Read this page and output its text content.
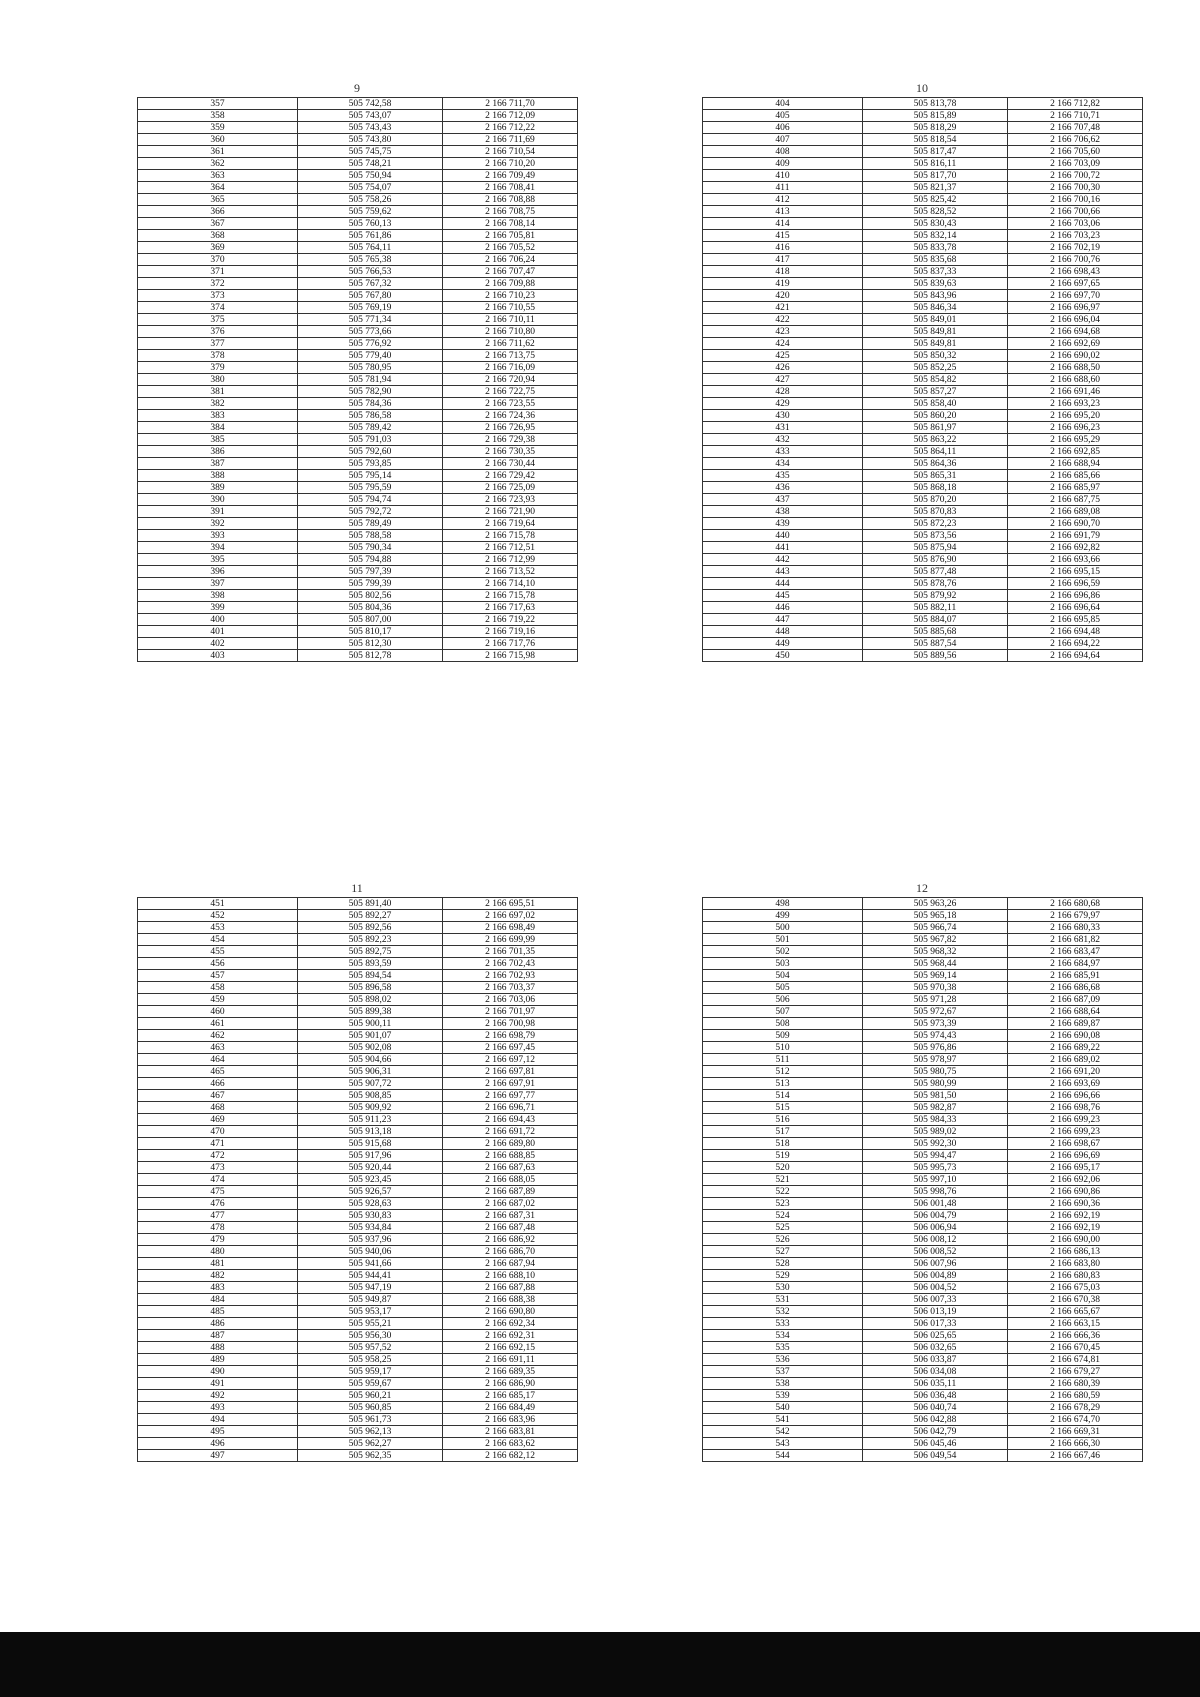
9
357	505 742,58	2 166 711,70
358	505 743,07	2 166 712,09
359	505 743,43	2 166 712,22
360	505 743,80	2 166 711,69
361	505 745,75	2 166 710,54
362	505 748,21	2 166 710,20
363	505 750,94	2 166 709,49
364	505 754,07	2 166 708,41
365	505 758,26	2 166 708,88
366	505 759,62	2 166 708,75
367	505 760,13	2 166 708,14
368	505 761,86	2 166 705,81
369	505 764,11	2 166 705,52
370	505 765,38	2 166 706,24
371	505 766,53	2 166 707,47
372	505 767,32	2 166 709,88
373	505 767,80	2 166 710,23
374	505 769,19	2 166 710,55
375	505 771,34	2 166 710,11
376	505 773,66	2 166 710,80
377	505 776,92	2 166 711,62
378	505 779,40	2 166 713,75
379	505 780,95	2 166 716,09
380	505 781,94	2 166 720,94
381	505 782,90	2 166 722,75
382	505 784,36	2 166 723,55
383	505 786,58	2 166 724,36
384	505 789,42	2 166 726,95
385	505 791,03	2 166 729,38
386	505 792,60	2 166 730,35
387	505 793,85	2 166 730,44
388	505 795,14	2 166 729,42
389	505 795,59	2 166 725,09
390	505 794,74	2 166 723,93
391	505 792,72	2 166 721,90
392	505 789,49	2 166 719,64
393	505 788,58	2 166 715,78
394	505 790,34	2 166 712,51
395	505 794,88	2 166 712,99
396	505 797,39	2 166 713,52
397	505 799,39	2 166 714,10
398	505 802,56	2 166 715,78
399	505 804,36	2 166 717,63
400	505 807,00	2 166 719,22
401	505 810,17	2 166 719,16
402	505 812,30	2 166 717,76
403	505 812,78	2 166 715,98
10
404	505 813,78	2 166 712,82
405	505 815,89	2 166 710,71
406	505 818,29	2 166 707,48
407	505 818,54	2 166 706,62
408	505 817,47	2 166 705,60
409	505 816,11	2 166 703,09
410	505 817,70	2 166 700,72
411	505 821,37	2 166 700,30
412	505 825,42	2 166 700,16
413	505 828,52	2 166 700,66
414	505 830,43	2 166 703,06
415	505 832,14	2 166 703,23
416	505 833,78	2 166 702,19
417	505 835,68	2 166 700,76
418	505 837,33	2 166 698,43
419	505 839,63	2 166 697,65
420	505 843,96	2 166 697,70
421	505 846,34	2 166 696,97
422	505 849,01	2 166 696,04
423	505 849,81	2 166 694,68
424	505 849,81	2 166 692,69
425	505 850,32	2 166 690,02
426	505 852,25	2 166 688,50
427	505 854,82	2 166 688,60
428	505 857,27	2 166 691,46
429	505 858,40	2 166 693,23
430	505 860,20	2 166 695,20
431	505 861,97	2 166 696,23
432	505 863,22	2 166 695,29
433	505 864,11	2 166 692,85
434	505 864,36	2 166 688,94
435	505 865,31	2 166 685,66
436	505 868,18	2 166 685,97
437	505 870,20	2 166 687,75
438	505 870,83	2 166 689,08
439	505 872,23	2 166 690,70
440	505 873,56	2 166 691,79
441	505 875,94	2 166 692,82
442	505 876,90	2 166 693,66
443	505 877,48	2 166 695,15
444	505 878,76	2 166 696,59
445	505 879,92	2 166 696,86
446	505 882,11	2 166 696,64
447	505 884,07	2 166 695,85
448	505 885,68	2 166 694,48
449	505 887,54	2 166 694,22
450	505 889,56	2 166 694,64
11
451	505 891,40	2 166 695,51
452	505 892,27	2 166 697,02
453	505 892,56	2 166 698,49
454	505 892,23	2 166 699,99
455	505 892,75	2 166 701,35
456	505 893,59	2 166 702,43
457	505 894,54	2 166 702,93
458	505 896,58	2 166 703,37
459	505 898,02	2 166 703,06
460	505 899,38	2 166 701,97
461	505 900,11	2 166 700,98
462	505 901,07	2 166 698,79
463	505 902,08	2 166 697,45
464	505 904,66	2 166 697,12
465	505 906,31	2 166 697,81
466	505 907,72	2 166 697,91
467	505 908,85	2 166 697,77
468	505 909,92	2 166 696,71
469	505 911,23	2 166 694,43
470	505 913,18	2 166 691,72
471	505 915,68	2 166 689,80
472	505 917,96	2 166 688,85
473	505 920,44	2 166 687,63
474	505 923,45	2 166 688,05
475	505 926,57	2 166 687,89
476	505 928,63	2 166 687,02
477	505 930,83	2 166 687,31
478	505 934,84	2 166 687,48
479	505 937,96	2 166 686,92
480	505 940,06	2 166 686,70
481	505 941,66	2 166 687,94
482	505 944,41	2 166 688,10
483	505 947,19	2 166 687,88
484	505 949,87	2 166 688,38
485	505 953,17	2 166 690,80
486	505 955,21	2 166 692,34
487	505 956,30	2 166 692,31
488	505 957,52	2 166 692,15
489	505 958,25	2 166 691,11
490	505 959,17	2 166 689,35
491	505 959,67	2 166 686,90
492	505 960,21	2 166 685,17
493	505 960,85	2 166 684,49
494	505 961,73	2 166 683,96
495	505 962,13	2 166 683,81
496	505 962,27	2 166 683,62
497	505 962,35	2 166 682,12
12
498	505 963,26	2 166 680,68
499	505 965,18	2 166 679,97
500	505 966,74	2 166 680,33
501	505 967,82	2 166 681,82
502	505 968,32	2 166 683,47
503	505 968,44	2 166 684,97
504	505 969,14	2 166 685,91
505	505 970,38	2 166 686,68
506	505 971,28	2 166 687,09
507	505 972,67	2 166 688,64
508	505 973,39	2 166 689,87
509	505 974,43	2 166 690,08
510	505 976,86	2 166 689,22
511	505 978,97	2 166 689,02
512	505 980,75	2 166 691,20
513	505 980,99	2 166 693,69
514	505 981,50	2 166 696,66
515	505 982,87	2 166 698,76
516	505 984,33	2 166 699,23
517	505 989,02	2 166 699,23
518	505 992,30	2 166 698,67
519	505 994,47	2 166 696,69
520	505 995,73	2 166 695,17
521	505 997,10	2 166 692,06
522	505 998,76	2 166 690,86
523	506 001,48	2 166 690,36
524	506 004,79	2 166 692,19
525	506 006,94	2 166 692,19
526	506 008,12	2 166 690,00
527	506 008,52	2 166 686,13
528	506 007,96	2 166 683,80
529	506 004,89	2 166 680,83
530	506 004,52	2 166 675,03
531	506 007,33	2 166 670,38
532	506 013,19	2 166 665,67
533	506 017,33	2 166 663,15
534	506 025,65	2 166 666,36
535	506 032,65	2 166 670,45
536	506 033,87	2 166 674,81
537	506 034,08	2 166 679,27
538	506 035,11	2 166 680,39
539	506 036,48	2 166 680,59
540	506 040,74	2 166 678,29
541	506 042,88	2 166 674,70
542	506 042,79	2 166 669,31
543	506 045,46	2 166 666,30
544	506 049,54	2 166 667,46
